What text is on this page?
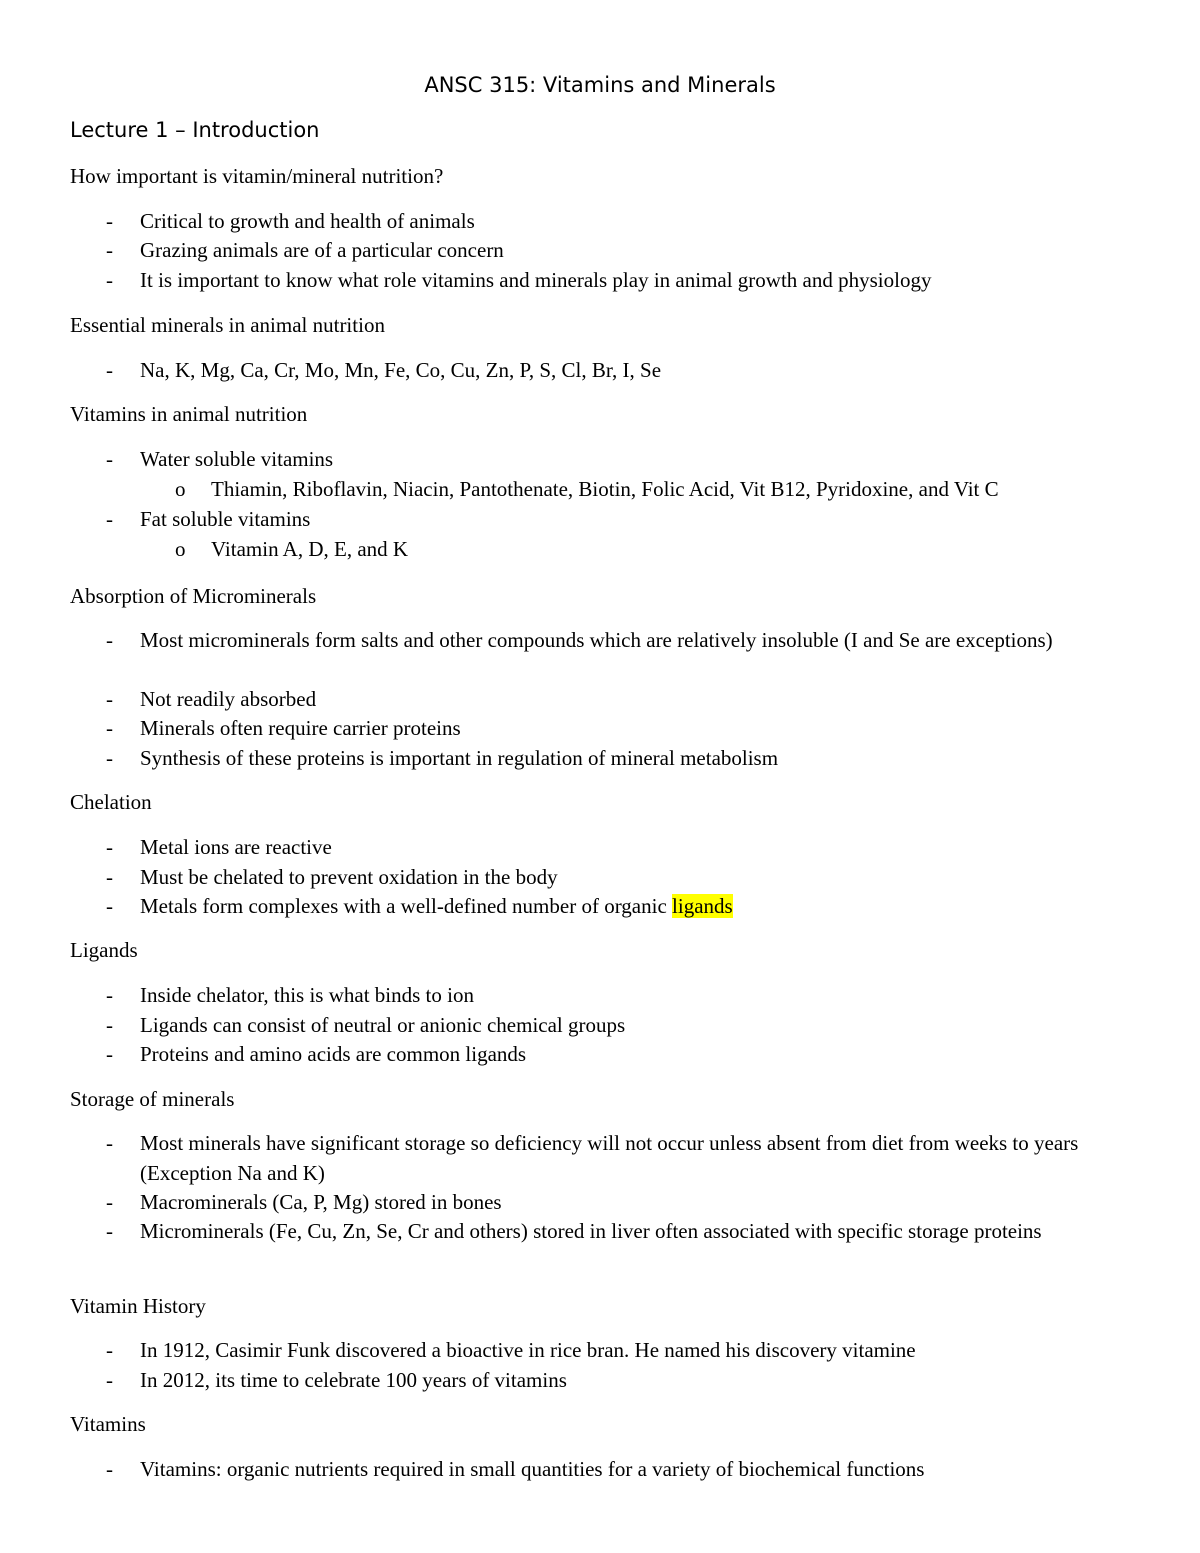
ANSC 315: Vitamins and Minerals
Lecture 1 – Introduction
How important is vitamin/mineral nutrition?
- Critical to growth and health of animals
- Grazing animals are of a particular concern
- It is important to know what role vitamins and minerals play in animal growth and physiology
Essential minerals in animal nutrition
- Na, K, Mg, Ca, Cr, Mo, Mn, Fe, Co, Cu, Zn, P, S, Cl, Br, I, Se
Vitamins in animal nutrition
- Water soluble vitamins
o Thiamin, Riboflavin, Niacin, Pantothenate, Biotin, Folic Acid, Vit B12, Pyridoxine, and Vit C
- Fat soluble vitamins
o Vitamin A, D, E, and K
Absorption of Microminerals
- Most microminerals form salts and other compounds which are relatively insoluble (I and Se are exceptions)
- Not readily absorbed
- Minerals often require carrier proteins
- Synthesis of these proteins is important in regulation of mineral metabolism
Chelation
- Metal ions are reactive
- Must be chelated to prevent oxidation in the body
- Metals form complexes with a well-defined number of organic ligands
Ligands
- Inside chelator, this is what binds to ion
- Ligands can consist of neutral or anionic chemical groups
- Proteins and amino acids are common ligands
Storage of minerals
- Most minerals have significant storage so deficiency will not occur unless absent from diet from weeks to years (Exception Na and K)
- Macrominerals (Ca, P, Mg) stored in bones
- Microminerals (Fe, Cu, Zn, Se, Cr and others) stored in liver often associated with specific storage proteins
Vitamin History
- In 1912, Casimir Funk discovered a bioactive in rice bran. He named his discovery vitamine
- In 2012, its time to celebrate 100 years of vitamins
Vitamins
- Vitamins: organic nutrients required in small quantities for a variety of biochemical functions
